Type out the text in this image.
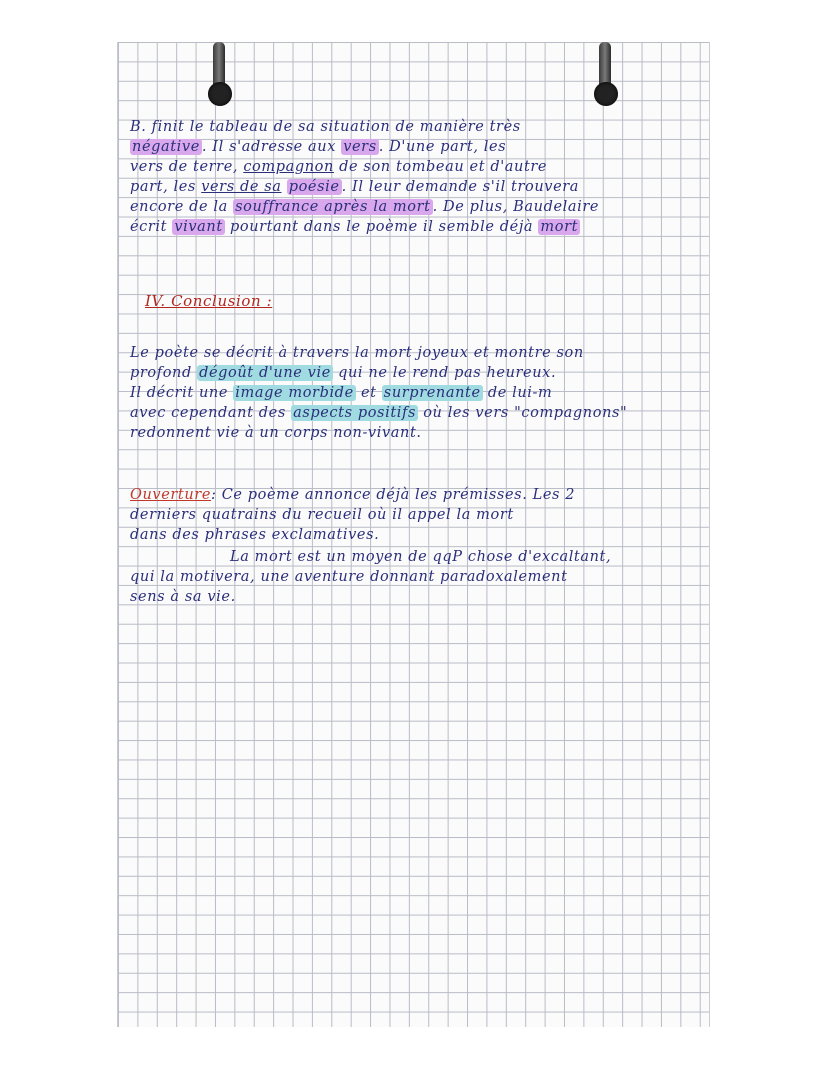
B. finit le tableau de sa situation de manière très
négative . Il s'adresse aux vers . D'une part, les
vers de terre, compagnon de son tombeau et d'autre
part, les vers de sa poésie . Il leur demande s'il trouvera
encore de la souffrance après la mort . De plus, Baudelaire
écrit vivant pourtant dans le poème il semble déjà mort
IV. Conclusion :
Le poète se décrit à travers la mort joyeux et montre son
profond dégoût d'une vie qui ne le rend pas heureux.
Il décrit une image morbide et surprenante de lui-m
avec cependant des aspects positifs où les vers "compagnons"
redonnent vie à un corps non-vivant.
Ouverture: Ce poème annonce déjà les prémisses. Les 2
derniers quatrains du recueil où il appel la mort
dans des phrases exclamatives.
La mort est un moyen de qqP chose d'excaltant,
qui la motivera, une aventure donnant paradoxalement
sens à sa vie.
